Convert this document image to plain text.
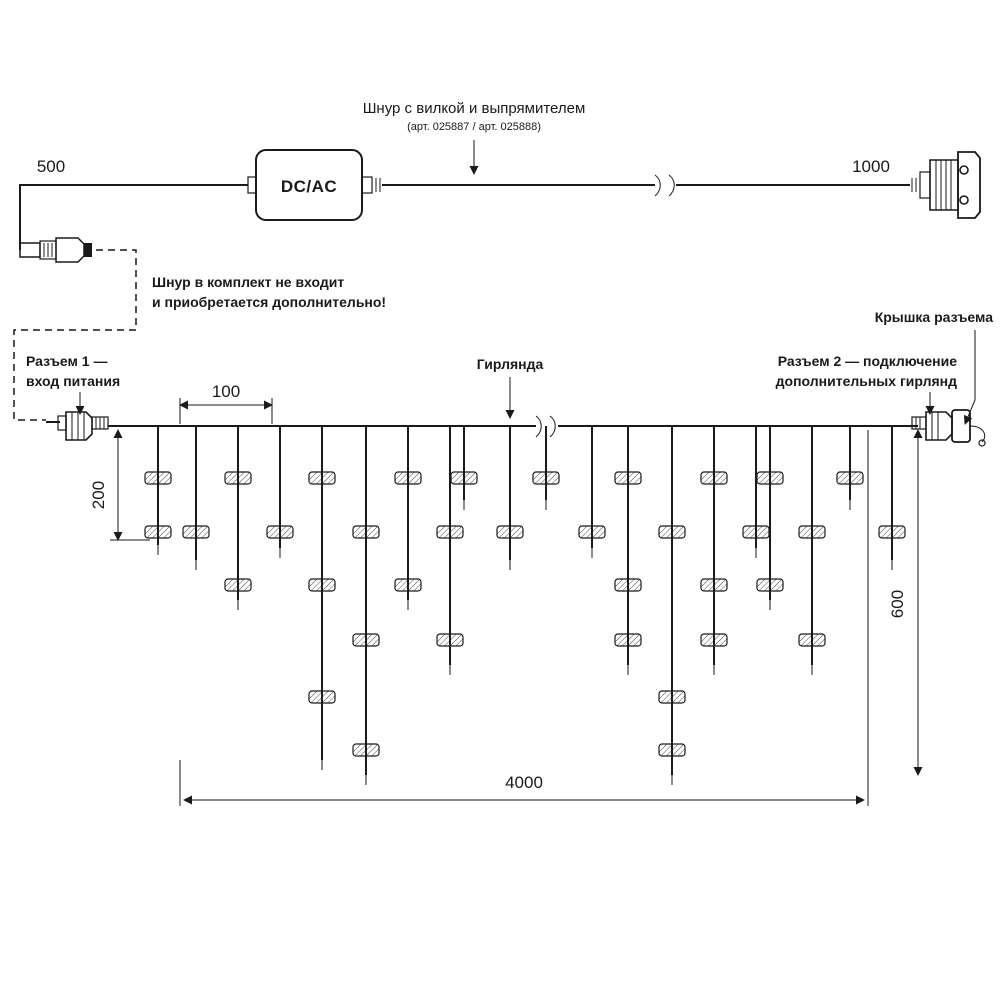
DC/AC
Шнур с вилкой и выпрямителем
(арт. 025887 / арт. 025888)
500	1000
Шнур в комплект не входит
и приобретается дополнительно!
Разъем 1 —
вход питания
Разъем 2 — подключение
дополнительных гирлянд
Крышка разъема
Гирлянда
100
200
600
4000
